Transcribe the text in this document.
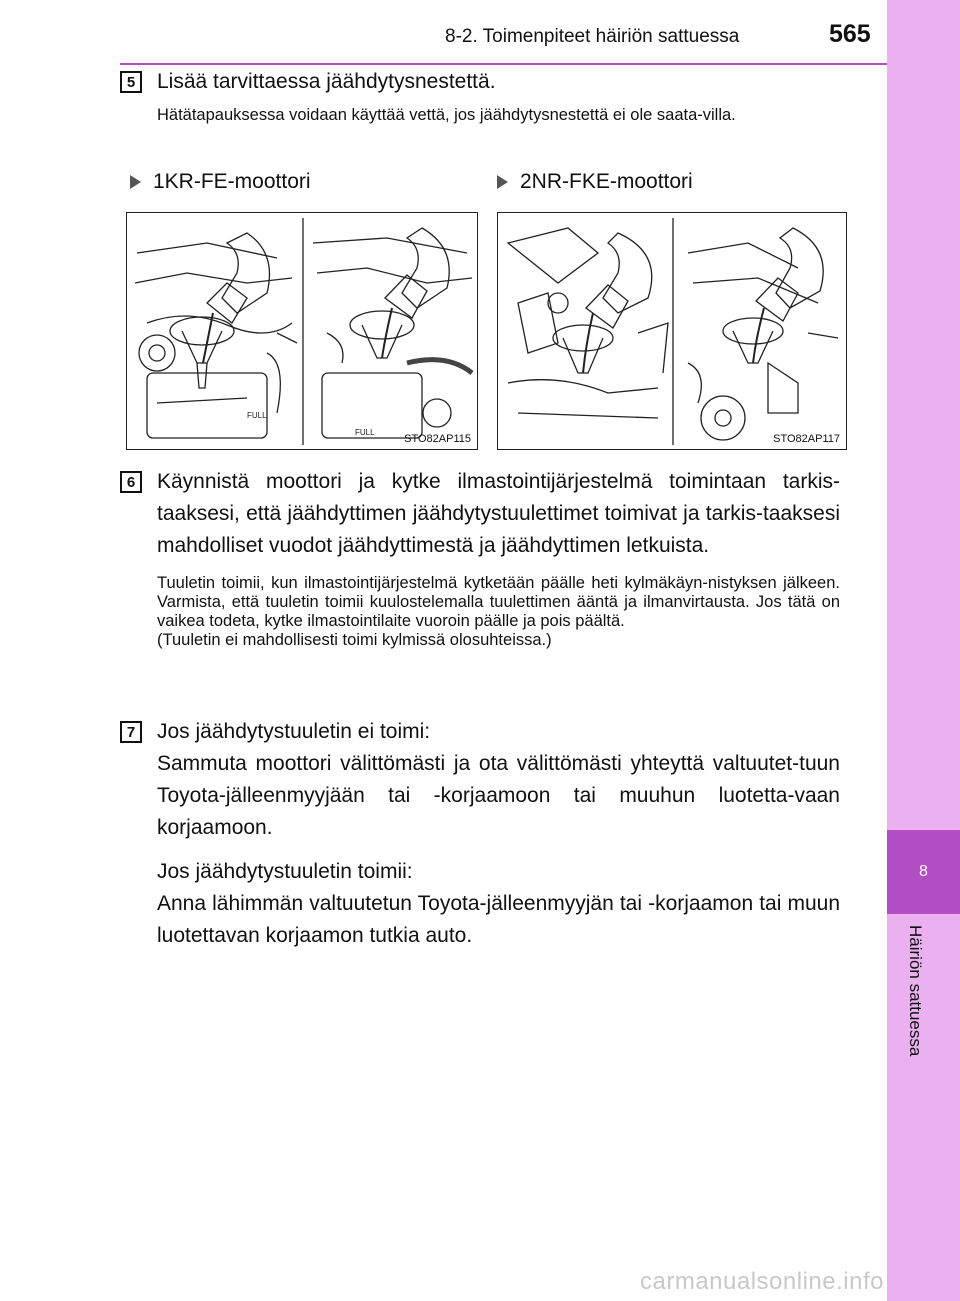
8
Häiriön sattuessa
8-2. Toimenpiteet häiriön sattuessa	565
5	Lisää tarvittaessa jäähdytysnestettä.

Hätätapauksessa voidaan käyttää vettä, jos jäähdytysnestettä ei ole saata-villa.

1KR-FE-moottori	2NR-FKE-moottori
FULL
FULL
STO82AP115	STO82AP117
6	Käynnistä moottori ja kytke ilmastointijärjestelmä toimintaan tarkis-taaksesi, että jäähdyttimen jäähdytystuulettimet toimivat ja tarkis-taaksesi mahdolliset vuodot jäähdyttimestä ja jäähdyttimen letkuista.

Tuuletin toimii, kun ilmastointijärjestelmä kytketään päälle heti kylmäkäyn-nistyksen jälkeen. Varmista, että tuuletin toimii kuulostelemalla tuulettimen ääntä ja ilmanvirtausta. Jos tätä on vaikea todeta, kytke ilmastointilaite vuoroin päälle ja pois päältä.

(Tuuletin ei mahdollisesti toimi kylmissä olosuhteissa.)

7	Jos jäähdytystuuletin ei toimi:

Sammuta moottori välittömästi ja ota välittömästi yhteyttä valtuutet-tuun Toyota-jälleenmyyjään tai -korjaamoon tai muuhun luotetta-vaan korjaamoon.

Jos jäähdytystuuletin toimii:

Anna lähimmän valtuutetun Toyota-jälleenmyyjän tai -korjaamon tai muun luotettavan korjaamon tutkia auto.

carmanualsonline.info
